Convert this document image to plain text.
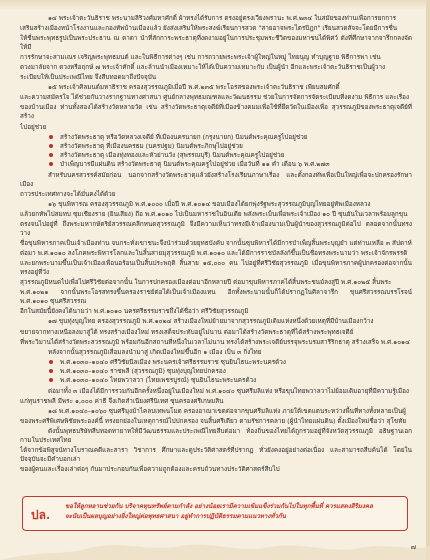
๑๔ พระเจ้าตะวันธิราช พระนามสิริวงศ์มหาศักดิ์ ผ้าทรงได้รับการ ตรงอยู่ตรงเวียงพรานะ พ.ศ.๒๓๔ ในสมัยของท่านเพื่อการยกการ

เสริมสร้างเมืองหน้าโรงงานและกองทัพบ้านเมืองแล้ว ยังส่งเสริมให้พระสงฆ์เรียนการสวด "สายอาจพระไตรปิฎก" เรียนสวดสัจจะโดยมีการชื่น

ให้ชื่นพระพุทธรูปเป็นพระประธาน ณ ตาตา นำที่สักการะพระธาตุที่งดงามอยู่ในการประชุมพระชีวิตของมหาชนได้พิศว์ ดังที่ศึกษาจากจารึกกลงจัดให้มี

การรักษาจะสามเณร เจริญพระพุทธมนต์ และในพิธีการต่างๆ เช่น การถวายพระพระเจ้าผู้ใหญ่ในหมู่ ไทยนุญ ทำบุญฐาย พิธีการพา เช่น

ดวงมาลัยจาก ดวงหรือฤกษ์ ๗ พระเจ้าศักดิ์ และล้านนำเมืองเหมาะให้ได้เป็นความเหมาะกับ เป็นผู้นำ อีกและพระเจ้าตะวันธิราชเป็นผู้วาง

ระเบียบให้เป็นประเพณีไทย จึงสืบทอดมาถึงปัจจุบัน

๑๕ พระเจ้าศิลมนต์มหาธิราช ครองสุวรรณภูมิเมื่อปี พ.ศ.๒๓๕ พระโอรสของพระเจ้าตะวันธิราช เพียบสมศักดิ์

และความสมัครใจ ได้ช่วยกันวางรากฐานทางศาสนา ศูนย์กลางพุทธมณฑลและวัฒนธรรม ช่วยในการจัดการจัดระเบียบที่งดงาม พิธีการ และเรื่อง

ของบ้านเมือง ท่านทั้งสองได้สร้างวัดหลายวัด เช่น สร้างวัดพระธาตุเจดีย์ที่เมืองข้างคมมเพื่อใช้ที่ยึดวัดในเมืองเพื่อ สุวรรณภูมิของพระธาตุเจดีย์ที่สร้าง

ไปอยู่ช่วย

สร้างวัดพระธาตุ หรือวัดหลวงเจดีย์ ที่เมืองนครนายก (กรุงนายก) นิมนต์พระคุณครูไปอยู่ช่วย
สร้างวัดพระธาตุ ที่เมืองนครธม (นครปฐม) นิมนต์พระภิกษุไปอยู่ช่วย
สร้างวัดพระธาตุ เมืองทุ่งทองและหัวย่านวัง (สุพรรณบุรี) นิมนต์พระคุณครูไปอยู่ช่วย
บำเพ็ญบารมีแผ่นดิน สร้างวัดพระธาตุ นิมนต์พระคุณครูไปอยู่ช่วย เมื่อวันที่ ๑๑ ค่ำ เดือน ๖ พ.ศ.๒๗๓

สำหรับนครสวรรค์สมัยก่อน นอกจากสร้างวัดพระธาตุแล้วยังสร้างโรงเรียนภาษาเรื่อง และตั้งกองทัพเพื่อเป็นใหญ่เพื่อจะปกครองรักษาเมือง

ถาวรประเทศทางจะได้มั่นคงได้ด้วย

๑๖ ขุนพิหารณ ครองสุวรรณภูมิ พ.ศ.๑๐๐๐ เมื่อปี พ.ศ.๑๐๑๔ ขอบเมืองได้ยกพุ่งรัฐพระสุวรรณภูมิบุญไทยอยู่ทัพเมืองหลวง

แล้วยกทัพไปสมทบ ซุมเชียงราย (ยินเสียง) ถือ พ.ศ.๑๐๑๐ ไปเป็นมหาราชในอินเดีย พลังพระเบ็นเพื่อพระเจ้าเมือง ๑๐ ปี ซุนยันในเวลาพร้อมลูกขุน

ตรงจนไปอยู่ที่ ถึงพระมหากษัตริย์สวรรณคลีกหนดสุวรรณภูมิ จึงมีความเห็นว่าทรงมีเจ้าเมืองนามเป็นผู้นำของสุวรรณภูมิต่อไป ตลอดจากนั้นทรงวาง

ชื่อขุนพิหารภาคเป็นเจ้าเมืองท่าน จนกระทั่งเขาชนะจึงนำร่วมด้วยยุทธบังคับ จากนั้นซุนพิหารได้มีการบำเพ็ญสิ้นพระบุญยำ แต่ท่านเหลือ ๓ สัปดาห์

ต่อมา พ.ศ.๑๐๑๐ ลงโภคพระพิหารโลกและในสิ้นสายมุสุวรรณภูมิ พ.ศ.๑๐๑๐ และได้มีการราชบัลลังก์ขึ้นเป็นชื่อทรงพระนามว่า พระเจ้าจักรพรรดิ

และยกพระนามขึ้นเป็นเจ้าเมืองเพื่อนอร้อนเป็นสิ้นประพฤติ สิ้นสาย ๑๕,๐๐๐ คน ไปอยู่ที่ศรีวิชัยสุวรรณภูมิ เมื่อขุนพิหารภาคผู้ปกครองต่อจากนั้นทรงอยู่ที่วัง

สุวรรณภูมิหนดไปเพื่อไปศรีวิชัยต่อจากนั้น ในการปกครองเมืองต่อมาอีกหลายปี ต่อมาขุนพิหารภาคได้สิ้นพระชนม์ลงสู่ปี พ.ศ.๑๐๒๕ สิ้นพระ

พ.ศ.๑๐๒๑ จากนั้นพระโอรสทรงขึ้นครองราชย์ต่อได้เป็นเจ้าเมืองแทน อีกทั้งพระนามนั้นก็ได้ปรากฏในศิลาจารึก ขุนศรีสวรรณบรรโรจน์ พ.ศ.๑๐๑๐ ซุนศรีสวรรณ

อีกในสมัยนี้ยังคงได้นามว่า พ.ศ.๑๐๑๐ นครศรีธรรมราชถึงได้ชื่อว่า ศรีวิชัยสุวรรณภูมิ

๑๗ ขุนทุ่งบุญไทย ครองสุวรรณภูมิ พ.ศ.๑๐๒๔ สร้างเมืองใหม่ย้ายมาจากสุวรรณภูมิเดิมแห่งหนึ่งด้วยเหตุที่มีบ้านเมืองกว้าง

ขยายจากทางเหนือลงมาสู่ใต้ ทรงสร้างเมืองใหม่ ทรงเสด็จประทับอยู่ไม่นาน ต่อมาได้สร้างวัดพระธาตุที่ได้สร้างพระพุทธเจดีย์

ที่พระวิมานได้สร้างวัดพระสวรรณภูมิ พร้อมกันอีกสถานที่หนึ่งในเวลาไม่นาน ทรงได้สร้างพระเจดีย์บรรจุพระบรมสารีริกธาตุ สร้างเสร็จ พ.ศ.๑๐๑๔

หลังจากนั้นสุวรรณภูมิเสื่อมลงนำมาสู่ เกิดเมืองใหม่ขึ้นอีก ๑ เมือง เป็น ๓ กิ่งไทย

พ.ศ.๑๐๓๐–๑๐๔๐ ศรีวิชัยนีลเมือง พระนครเจ้าศรีธรรมราช ซุนยินไธนะพระนครด้วง
พ.ศ.๑๐๓๐–๑๐๔๐ ราชพลี (สุวรรณภูมิ) ซุนทุ่งบุญไทยปกครอง
พ.ศ.๑๐๓๐–๑๐๔๐ ไทยพวาลวา (ไทยเพชรบูรณ์) ซุนยินไธนะพระนครด้วง

ต่อมาทั้ง ๓ เมืองได้มีการรวมกันอีกครั้งหนึ่งอยู่ในเมืองใหม่ พ.ศ.๑๐๔๐ ซุนศรีมลิแห่ง หรือขุนไทยพวาลวาไม่ย้อมเดิมอายุที่มีความรู้เมือง

แก่ทุนราชพลี มีพระ ๑,๐๐๐ ค่าธี จึงเกิดสำเนียงศรีนิเทศ ซุนครองศรีเกษมสิน

๑๘ พ.ศ.๑๐๔๐–๑๐๖๐ ซุนศรีมุงม้าไคลบเทพนโมด ครองอาณาเขตต่อจากขุนศรีมลิแห่ง ภายใต้เขตแดนระหว่างพื้นที่ทางทั้งหลายเป็นผู้

ของพระศรีพิเศษพิชัยพระองค์นี้ ทรงยกย่องในเหตุการณ์ไปปกครอง จนสิ้นศรีเดียว ตามรัชการคลาย (ผู้นำไทยแผ่นดิน) ตั้งเมืองใหม่ชื่อว่า สุโขทัย

ดังนั้นพุทธบริษัทสืบทอดทายาทให้มีวัฒนธรรมและประเพณีไทยสืบต่อมา ท้องถิ่นของไทยได้ถูกรวมอยู่ที่จังหวัดสุวรรณภูมิ อธิษฐานเอกกามในประเทศไทย

ได้จากข้อพิสูจน์ทางโบราณคดีและสารา วิชาการ ศึกษาและดูประวัติศาสตร์ที่ปรากฏ ทั่วยังคงอยู่อย่างต่อเนื่อง และสามารถสืบค้นได้ โดยในปัจจุบันจะมีคำบอกเล่า

ของผู้คนและเรื่องเล่าต่อๆ กันมาประกอบกันเพื่อความถูกต้องและครบถ้วนทางประวัติศาสตร์สืบไป

ปล.
ขอให้ลูกหลานช่วยกัน บริจาคทุนทรัพย์ตามกำลัง อย่างน้อยเรามีความเข้มแข็งร่วมกันไปในทุกพื้นที่ ควรแสดงสิริมงคล
จะนับเป็นผลบุญอย่างยิ่งใหญ่ต่อพุทธศาสนา อยู่ทำการปฏิบัติธรรมตามแนวทางทั่วกัน
๗
